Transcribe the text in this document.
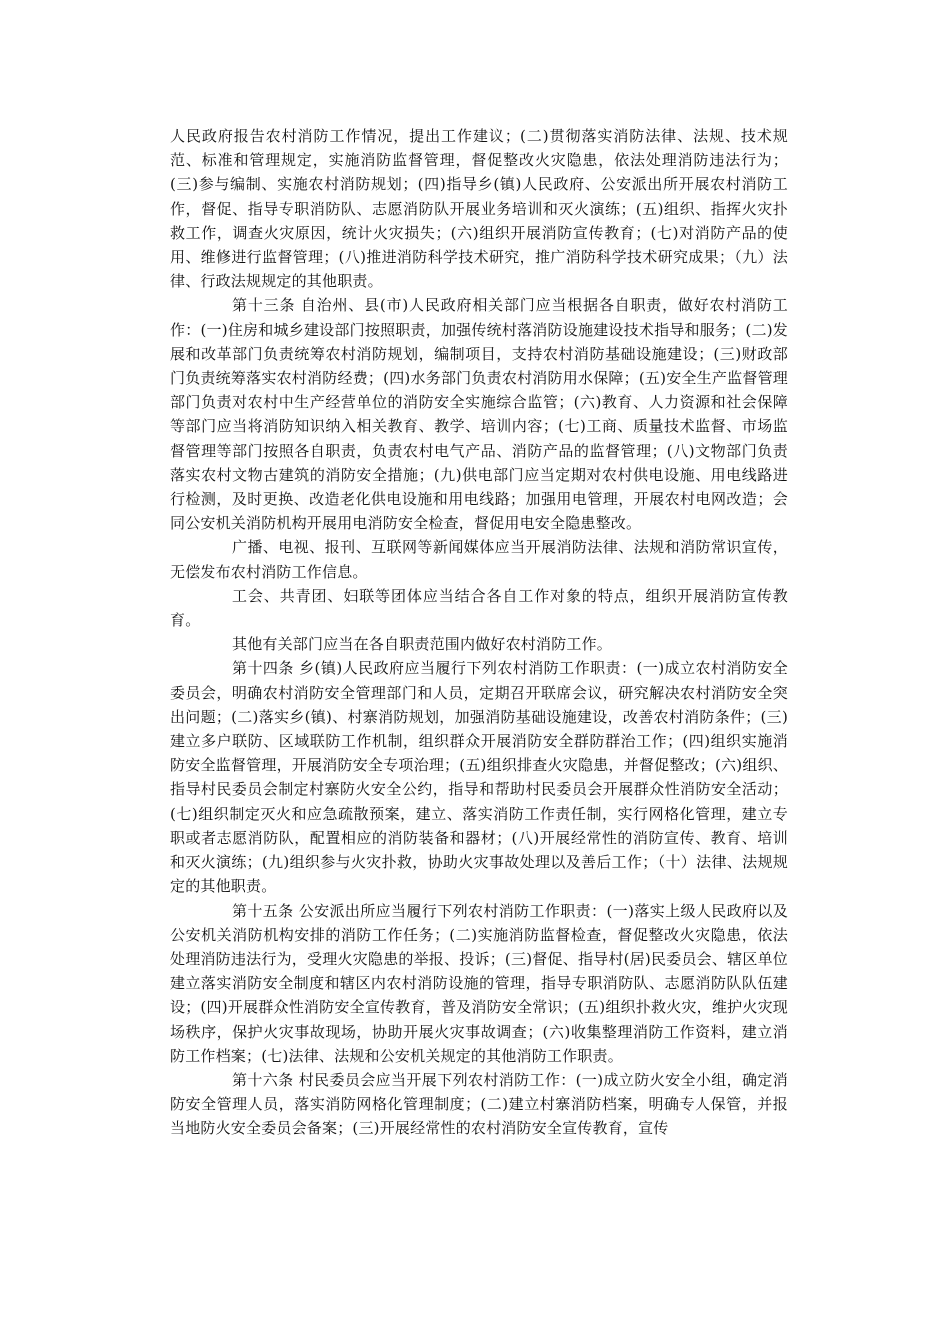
人民政府报告农村消防工作情况，提出工作建议；(二)贯彻落实消防法律、法规、技术规范、标准和管理规定，实施消防监督管理，督促整改火灾隐患，依法处理消防违法行为；(三)参与编制、实施农村消防规划；(四)指导乡(镇)人民政府、公安派出所开展农村消防工作，督促、指导专职消防队、志愿消防队开展业务培训和灭火演练；(五)组织、指挥火灾扑救工作，调查火灾原因，统计火灾损失；(六)组织开展消防宣传教育；(七)对消防产品的使用、维修进行监督管理；(八)推进消防科学技术研究，推广消防科学技术研究成果；（九）法律、行政法规规定的其他职责。

第十三条 自治州、县(市)人民政府相关部门应当根据各自职责，做好农村消防工作：(一)住房和城乡建设部门按照职责，加强传统村落消防设施建设技术指导和服务；(二)发展和改革部门负责统筹农村消防规划，编制项目，支持农村消防基础设施建设；(三)财政部门负责统筹落实农村消防经费；(四)水务部门负责农村消防用水保障；(五)安全生产监督管理部门负责对农村中生产经营单位的消防安全实施综合监管；(六)教育、人力资源和社会保障等部门应当将消防知识纳入相关教育、教学、培训内容；(七)工商、质量技术监督、市场监督管理等部门按照各自职责，负责农村电气产品、消防产品的监督管理；(八)文物部门负责落实农村文物古建筑的消防安全措施；(九)供电部门应当定期对农村供电设施、用电线路进行检测，及时更换、改造老化供电设施和用电线路；加强用电管理，开展农村电网改造；会同公安机关消防机构开展用电消防安全检查，督促用电安全隐患整改。

广播、电视、报刊、互联网等新闻媒体应当开展消防法律、法规和消防常识宣传，无偿发布农村消防工作信息。

工会、共青团、妇联等团体应当结合各自工作对象的特点，组织开展消防宣传教育。

其他有关部门应当在各自职责范围内做好农村消防工作。

第十四条 乡(镇)人民政府应当履行下列农村消防工作职责：(一)成立农村消防安全委员会，明确农村消防安全管理部门和人员，定期召开联席会议，研究解决农村消防安全突出问题；(二)落实乡(镇)、村寨消防规划，加强消防基础设施建设，改善农村消防条件；(三)建立多户联防、区域联防工作机制，组织群众开展消防安全群防群治工作；(四)组织实施消防安全监督管理，开展消防安全专项治理；(五)组织排查火灾隐患，并督促整改；(六)组织、指导村民委员会制定村寨防火安全公约，指导和帮助村民委员会开展群众性消防安全活动；(七)组织制定灭火和应急疏散预案，建立、落实消防工作责任制，实行网格化管理，建立专职或者志愿消防队，配置相应的消防装备和器材；(八)开展经常性的消防宣传、教育、培训和灭火演练；(九)组织参与火灾扑救，协助火灾事故处理以及善后工作；（十）法律、法规规定的其他职责。

第十五条 公安派出所应当履行下列农村消防工作职责：(一)落实上级人民政府以及公安机关消防机构安排的消防工作任务；(二)实施消防监督检查，督促整改火灾隐患，依法处理消防违法行为，受理火灾隐患的举报、投诉；(三)督促、指导村(居)民委员会、辖区单位建立落实消防安全制度和辖区内农村消防设施的管理，指导专职消防队、志愿消防队队伍建设；(四)开展群众性消防安全宣传教育，普及消防安全常识；(五)组织扑救火灾，维护火灾现场秩序，保护火灾事故现场，协助开展火灾事故调查；(六)收集整理消防工作资料，建立消防工作档案；(七)法律、法规和公安机关规定的其他消防工作职责。

第十六条 村民委员会应当开展下列农村消防工作：(一)成立防火安全小组，确定消防安全管理人员，落实消防网格化管理制度；(二)建立村寨消防档案，明确专人保管，并报当地防火安全委员会备案；(三)开展经常性的农村消防安全宣传教育，宣传
